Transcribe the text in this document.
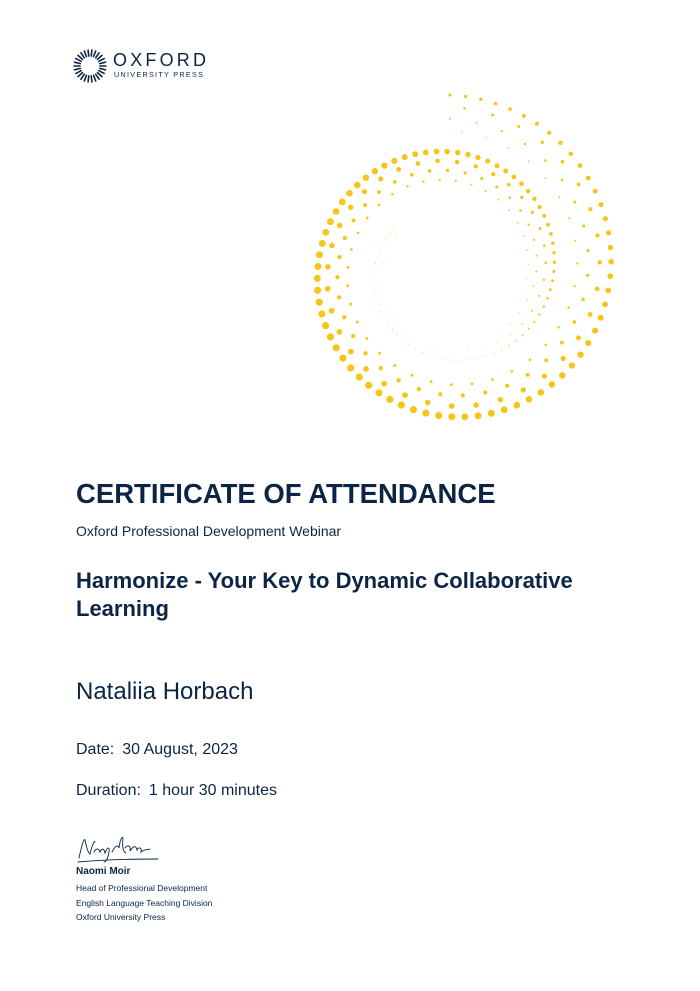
OXFORD
UNIVERSITY PRESS
CERTIFICATE OF ATTENDANCE

Oxford Professional Development Webinar

Harmonize - Your Key to Dynamic Collaborative Learning

Nataliia Horbach

Date: 30 August, 2023
Duration: 1 hour 30 minutes
Naomi Moir
Head of Professional Development
English Language Teaching Division
Oxford University Press
